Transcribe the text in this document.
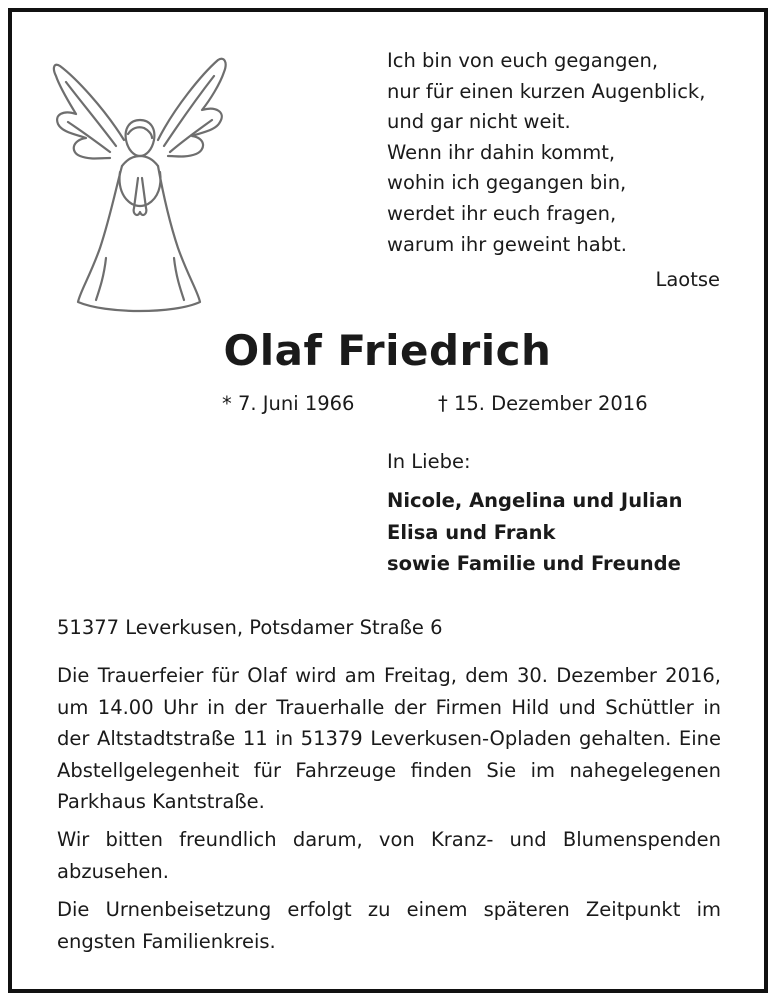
Ich bin von euch gegangen,
nur für einen kurzen Augenblick,
und gar nicht weit.
Wenn ihr dahin kommt,
wohin ich gegangen bin,
werdet ihr euch fragen,
warum ihr geweint habt.
Laotse
Olaf Friedrich
* 7. Juni 1966	† 15. Dezember 2016
In Liebe:
Nicole, Angelina und Julian
Elisa und Frank
sowie Familie und Freunde
51377 Leverkusen, Potsdamer Straße 6
Die Trauerfeier für Olaf wird am Freitag, dem 30. Dezember 2016, um 14.00 Uhr in der Trauerhalle der Firmen Hild und Schüttler in der Altstadtstraße 11 in 51379 Leverkusen-Opladen gehalten. Eine Abstellgelegenheit für Fahrzeuge finden Sie im nahegelegenen Parkhaus Kantstraße.
Wir bitten freundlich darum, von Kranz- und Blumenspenden abzusehen.
Die Urnenbeisetzung erfolgt zu einem späteren Zeitpunkt im engsten Familienkreis.
